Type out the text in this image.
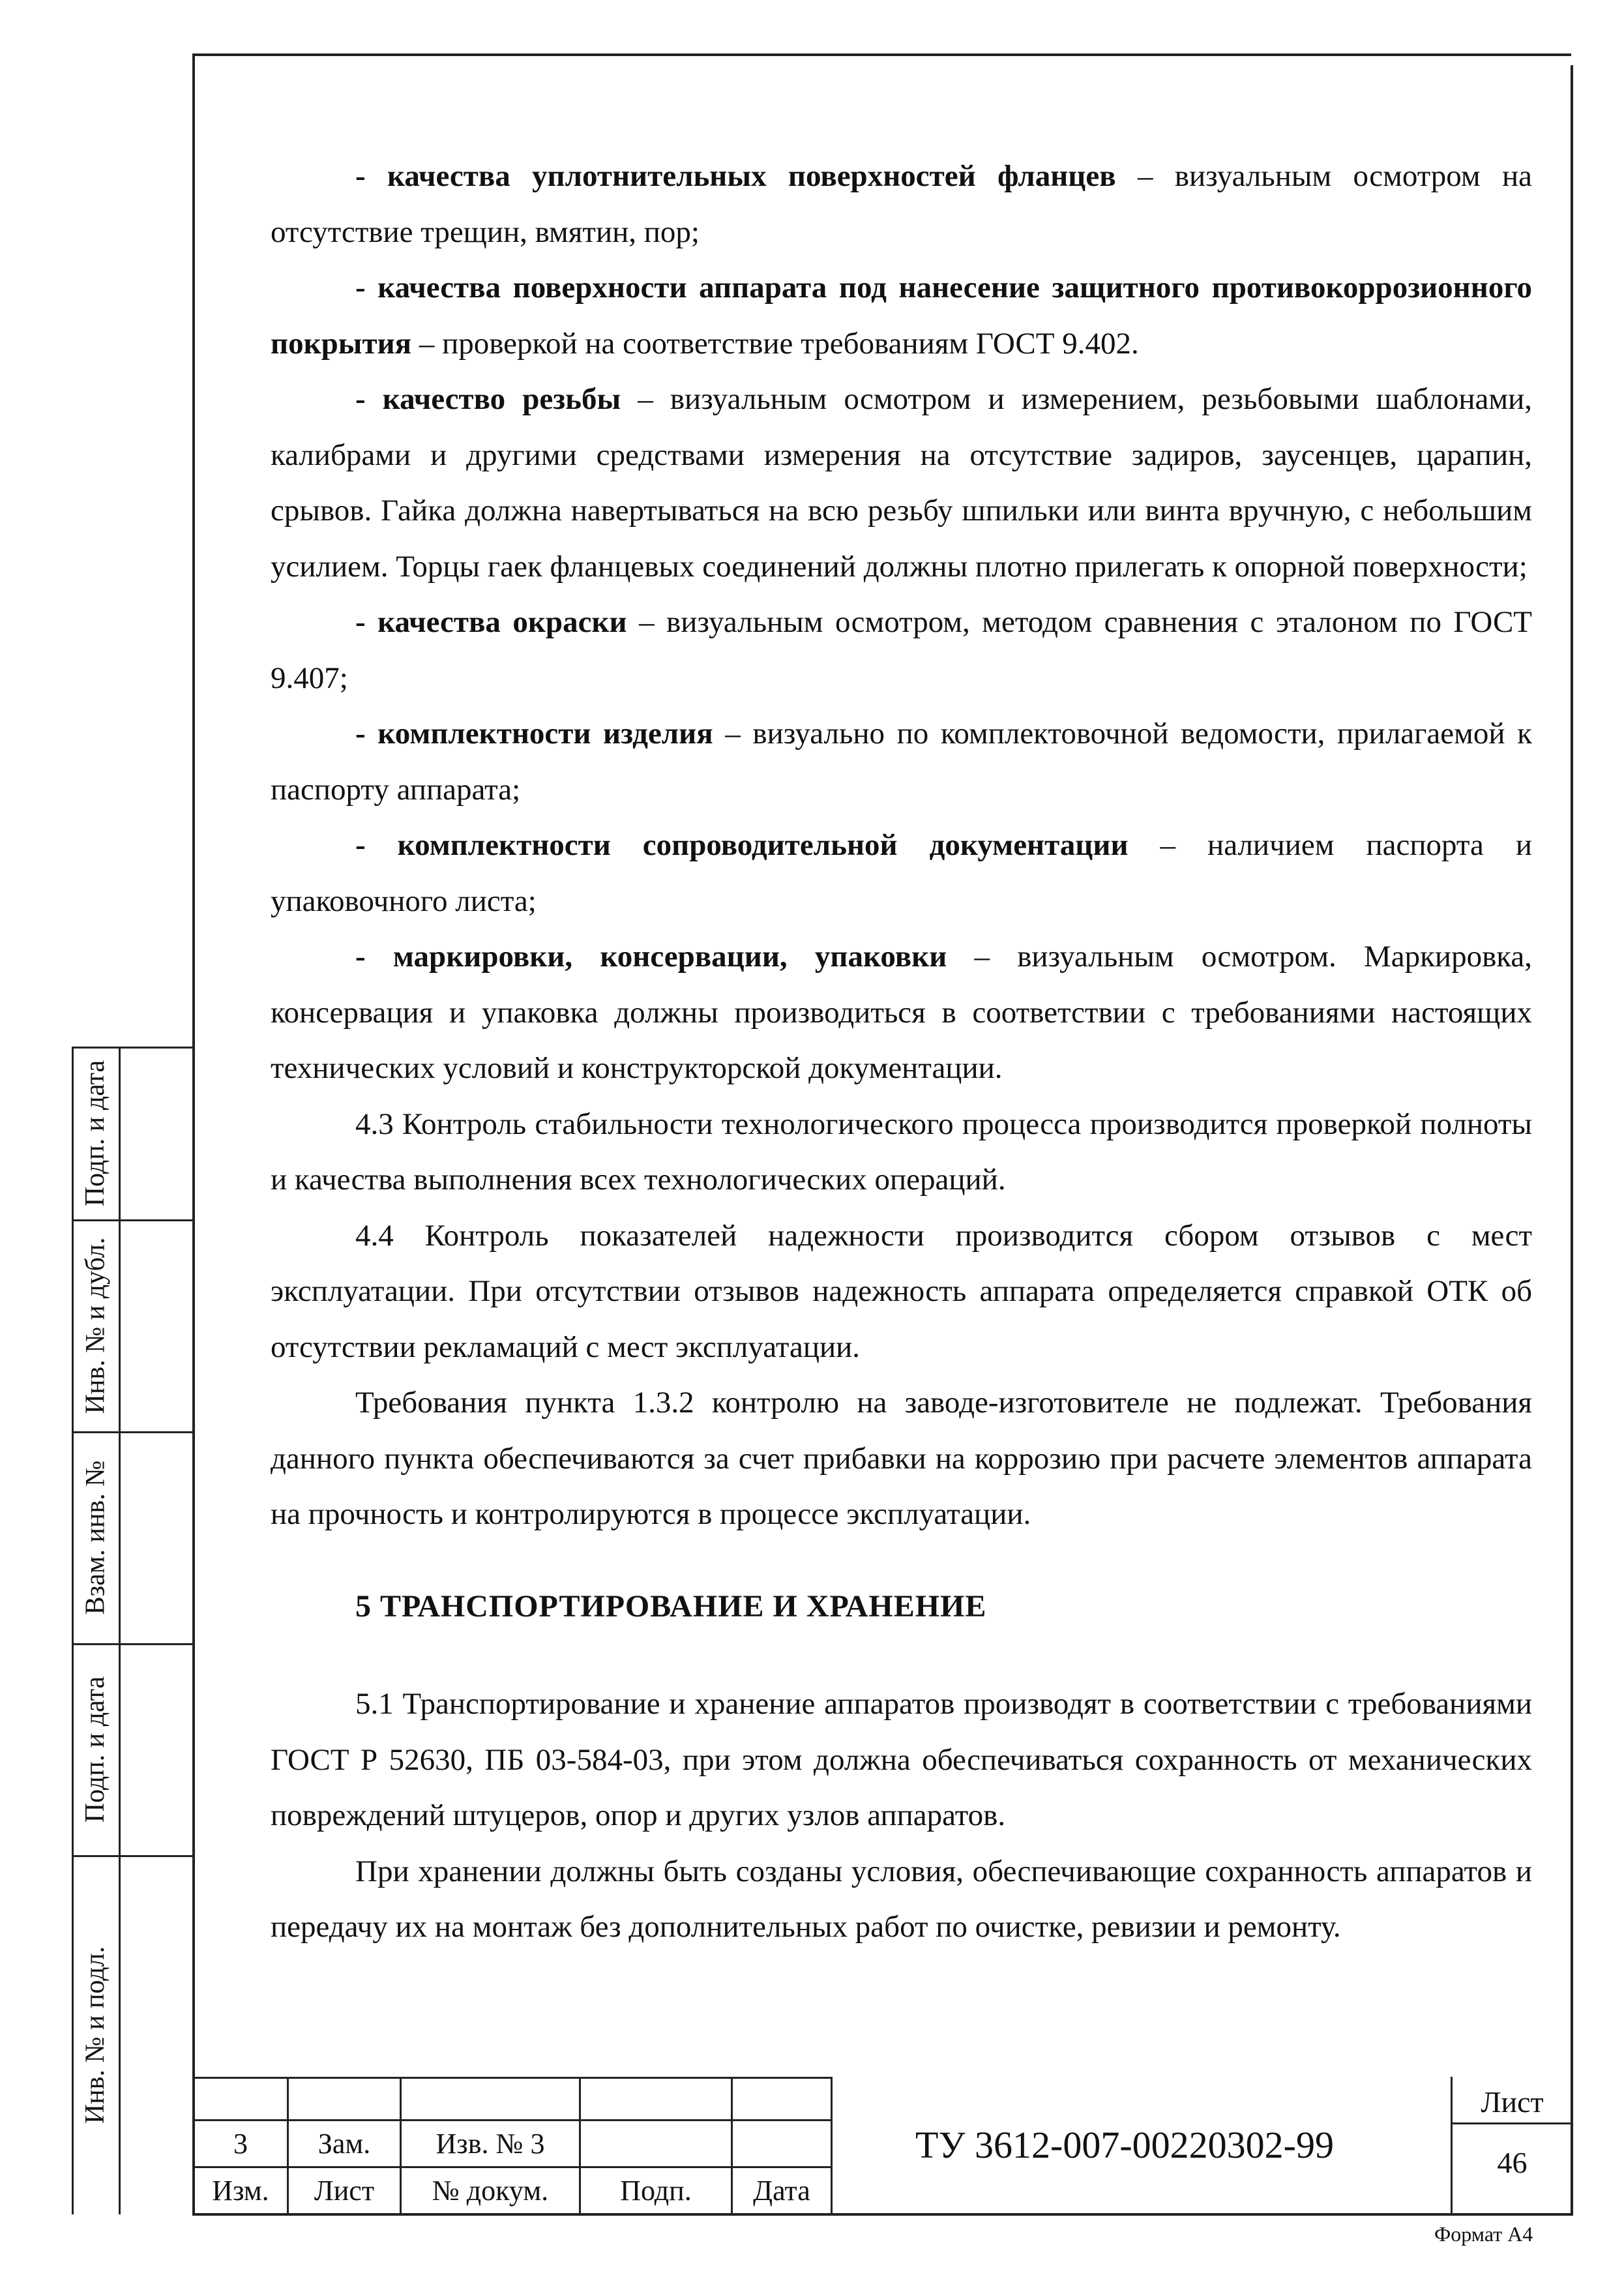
Подп. и дата
Инв. № и дубл.
Взам. инв. №
Подп. и дата
Инв. № и подл.

- качества уплотнительных поверхностей фланцев – визуальным осмотром на отсутствие трещин, вмятин, пор;

- качества поверхности аппарата под нанесение защитного противокоррозионного покрытия – проверкой на соответствие требованиям ГОСТ 9.402.

- качество резьбы – визуальным осмотром и измерением, резьбовыми шаблонами, калибрами и другими средствами измерения на отсутствие задиров, заусенцев, царапин, срывов. Гайка должна навертываться на всю резьбу шпильки или винта вручную, с небольшим усилием. Торцы гаек фланцевых соединений должны плотно прилегать к опорной поверхности;

- качества окраски – визуальным осмотром, методом сравнения с эталоном по ГОСТ 9.407;

- комплектности изделия – визуально по комплектовочной ведомости, прилагаемой к паспорту аппарата;

- комплектности сопроводительной документации – наличием паспорта и упаковочного листа;

- маркировки, консервации, упаковки – визуальным осмотром. Маркировка, консервация и упаковка должны производиться в соответствии с требованиями настоящих технических условий и конструкторской документации.

4.3 Контроль стабильности технологического процесса производится проверкой полноты и качества выполнения всех технологических операций.

4.4 Контроль показателей надежности производится сбором отзывов с мест эксплуатации. При отсутствии отзывов надежность аппарата определяется справкой ОТК об отсутствии рекламаций с мест эксплуатации.

Требования пункта 1.3.2 контролю на заводе-изготовителе не подлежат. Требования данного пункта обеспечиваются за счет прибавки на коррозию при расчете элементов аппарата на прочность и контролируются в процессе эксплуатации.

5 ТРАНСПОРТИРОВАНИЕ И ХРАНЕНИЕ

5.1 Транспортирование и хранение аппаратов производят в соответствии с требованиями ГОСТ Р 52630, ПБ 03-584-03, при этом должна обеспечиваться сохранность от механических повреждений штуцеров, опор и других узлов аппаратов.

При хранении должны быть созданы условия, обеспечивающие сохранность аппаратов и передачу их на монтаж без дополнительных работ по очистке, ревизии и ремонту.

3	Зам.	Изв. № 3		
Изм.	Лист	№ докум.	Подп.	Дата
ТУ 3612-007-00220302-99
Лист
46
Формат А4
